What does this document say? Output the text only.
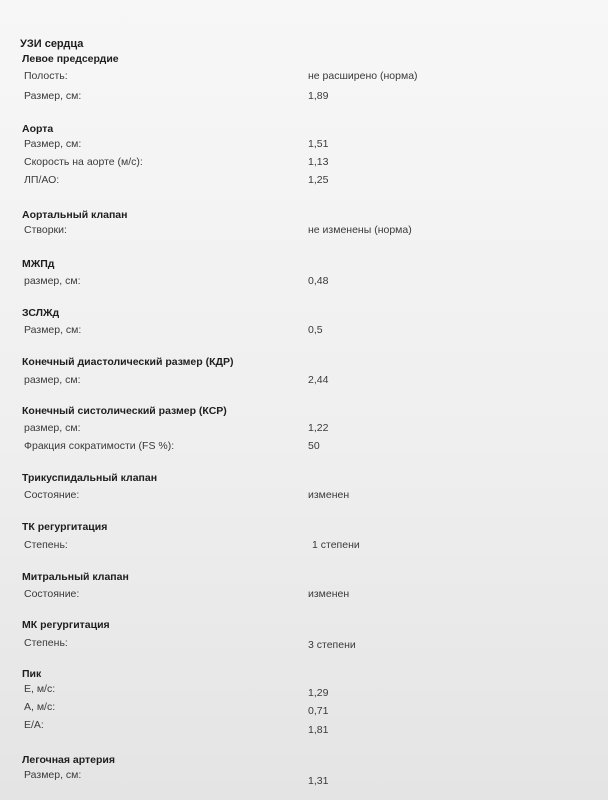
УЗИ сердца
Левое предсердие
Полость:	не расширено (норма)
Размер, см:	1,89
Аорта
Размер, см:	1,51
Скорость на аорте (м/с):	1,13
ЛП/АО:	1,25
Аортальный клапан
Створки:	не изменены (норма)
МЖПд
размер, см:	0,48
ЗСЛЖд
Размер, см:	0,5
Конечный диастолический размер (КДР)
размер, см:	2,44
Конечный систолический размер (КСР)
размер, см:	1,22
Фракция сократимости (FS %):	50
Трикуспидальный клапан
Состояние:	изменен
ТК регургитация
Степень:	1 степени
Митральный клапан
Состояние:	изменен
МК регургитация
Степень:	3 степени
Пик
E, м/с:	1,29
A, м/с:	0,71
E/A:	1,81
Легочная артерия
Размер, см:	1,31
